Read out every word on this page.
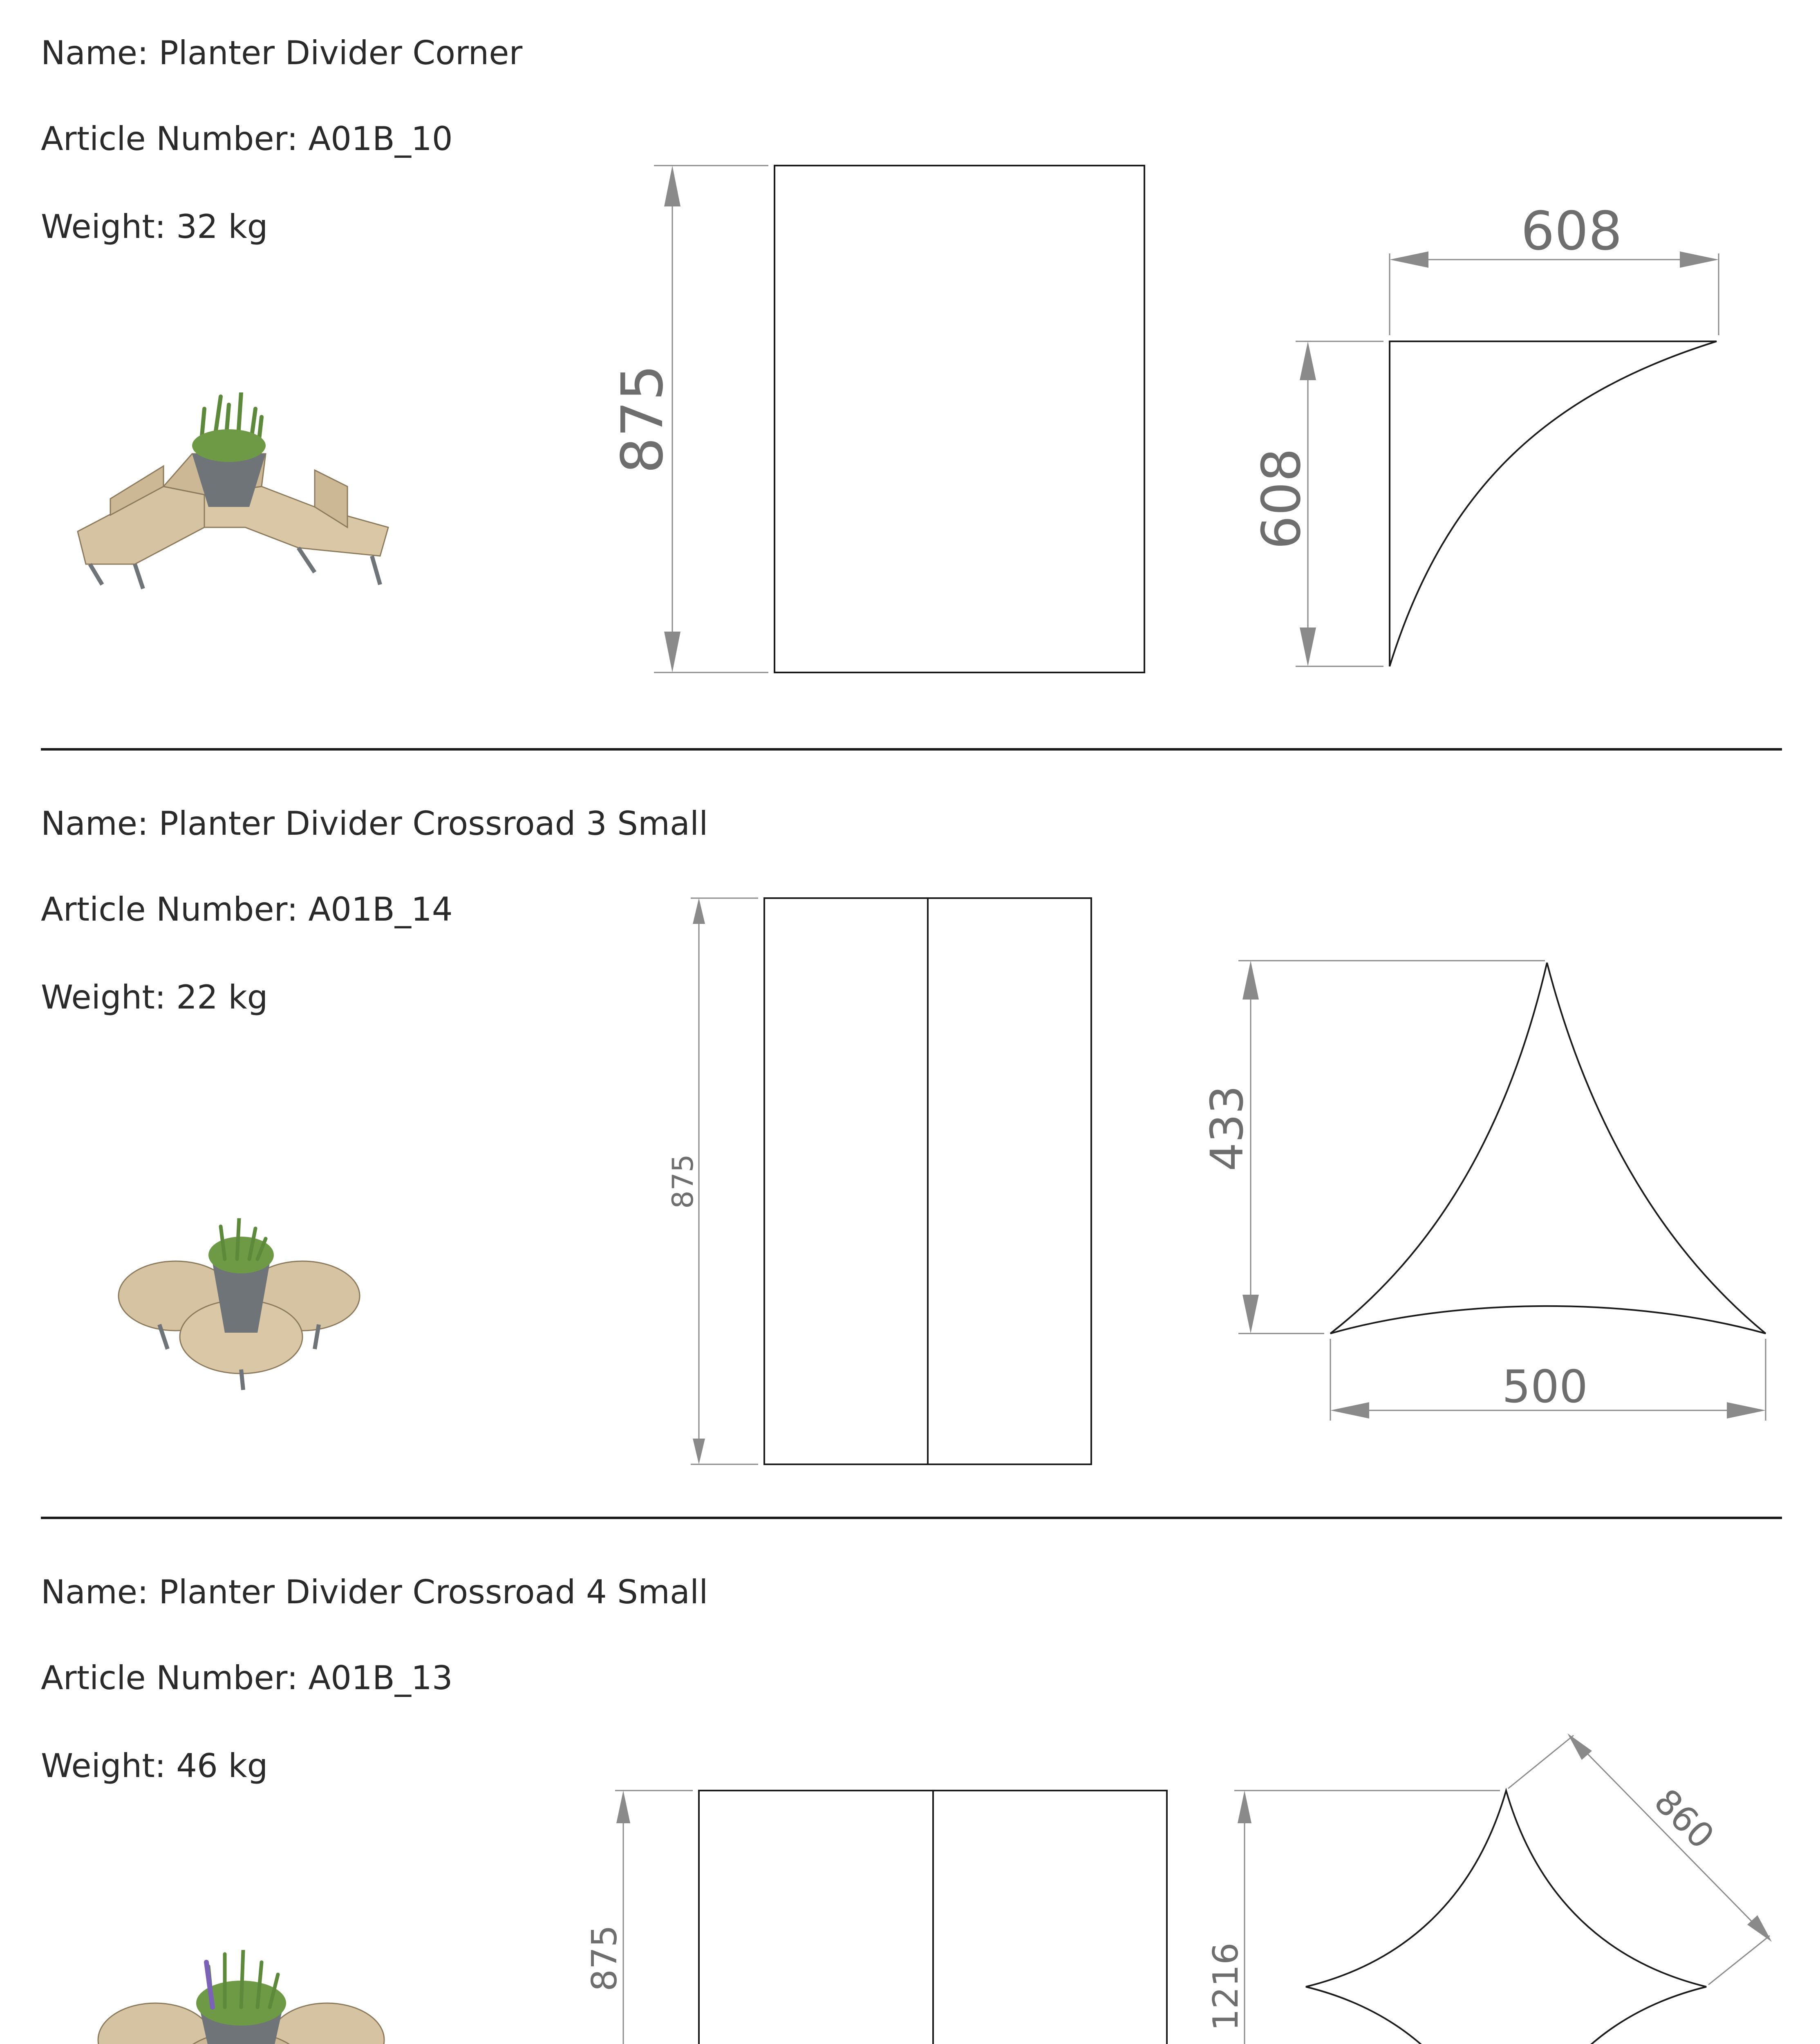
Name: Planter Divider Corner
Article Number: A01B_10
Weight: 32 kg
875
608
608
Name: Planter Divider Crossroad 3 Small
Article Number: A01B_14
Weight: 22 kg
875
433
500
Name: Planter Divider Crossroad 4 Small
Article Number: A01B_13
Weight: 46 kg
875	1216
860
